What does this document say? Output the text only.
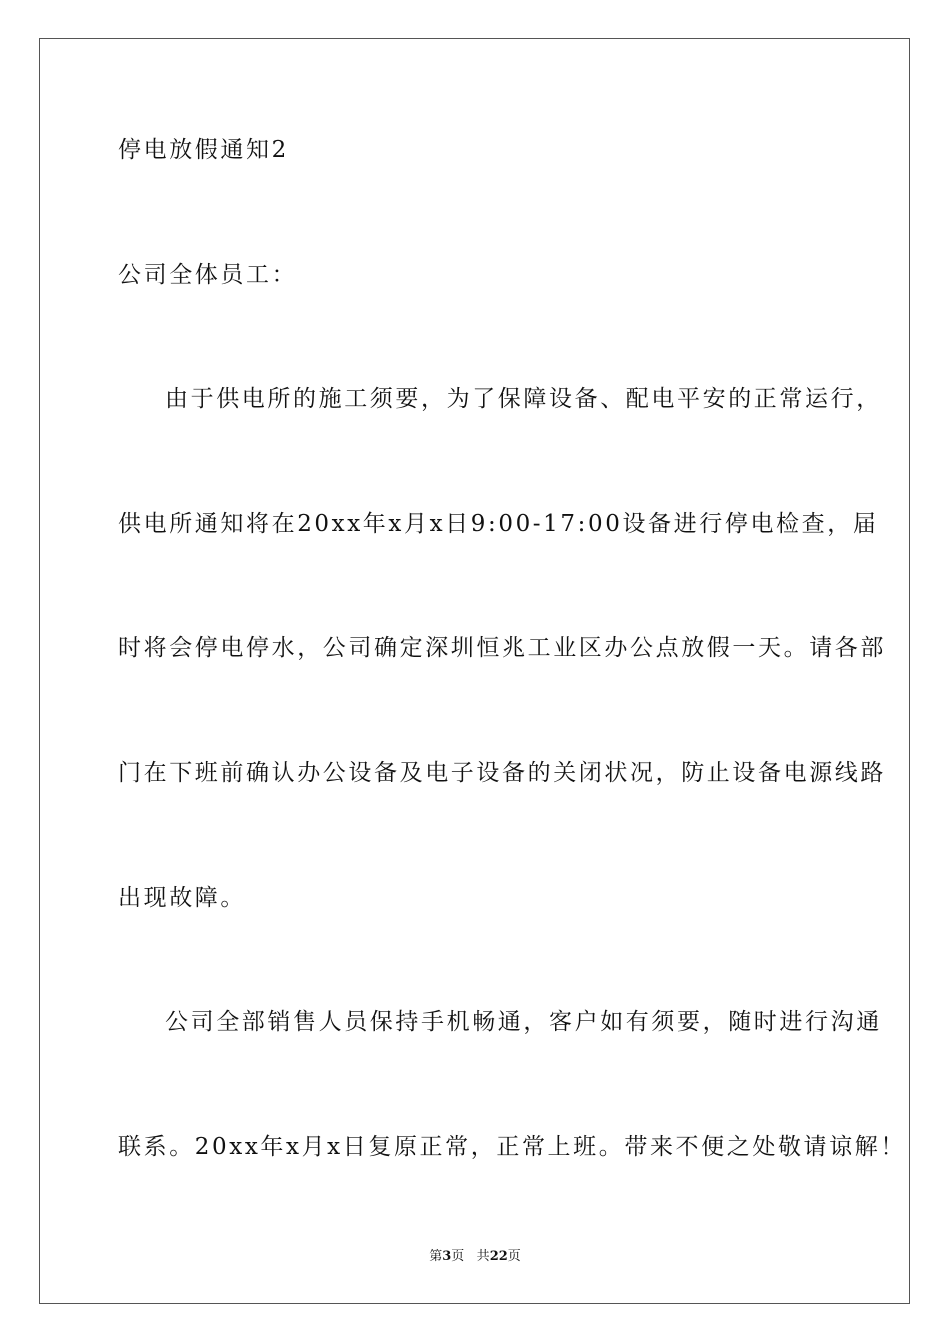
停电放假通知2
公司全体员工：
由于供电所的施工须要，为了保障设备、配电平安的正常运行，
供电所通知将在20xx年x月x日9:00-17:00设备进行停电检查，届
时将会停电停水，公司确定深圳恒兆工业区办公点放假一天。请各部
门在下班前确认办公设备及电子设备的关闭状况，防止设备电源线路
出现故障。
公司全部销售人员保持手机畅通，客户如有须要，随时进行沟通
联系。20xx年x月x日复原正常，正常上班。带来不便之处敬请谅解！
第3页 共22页
